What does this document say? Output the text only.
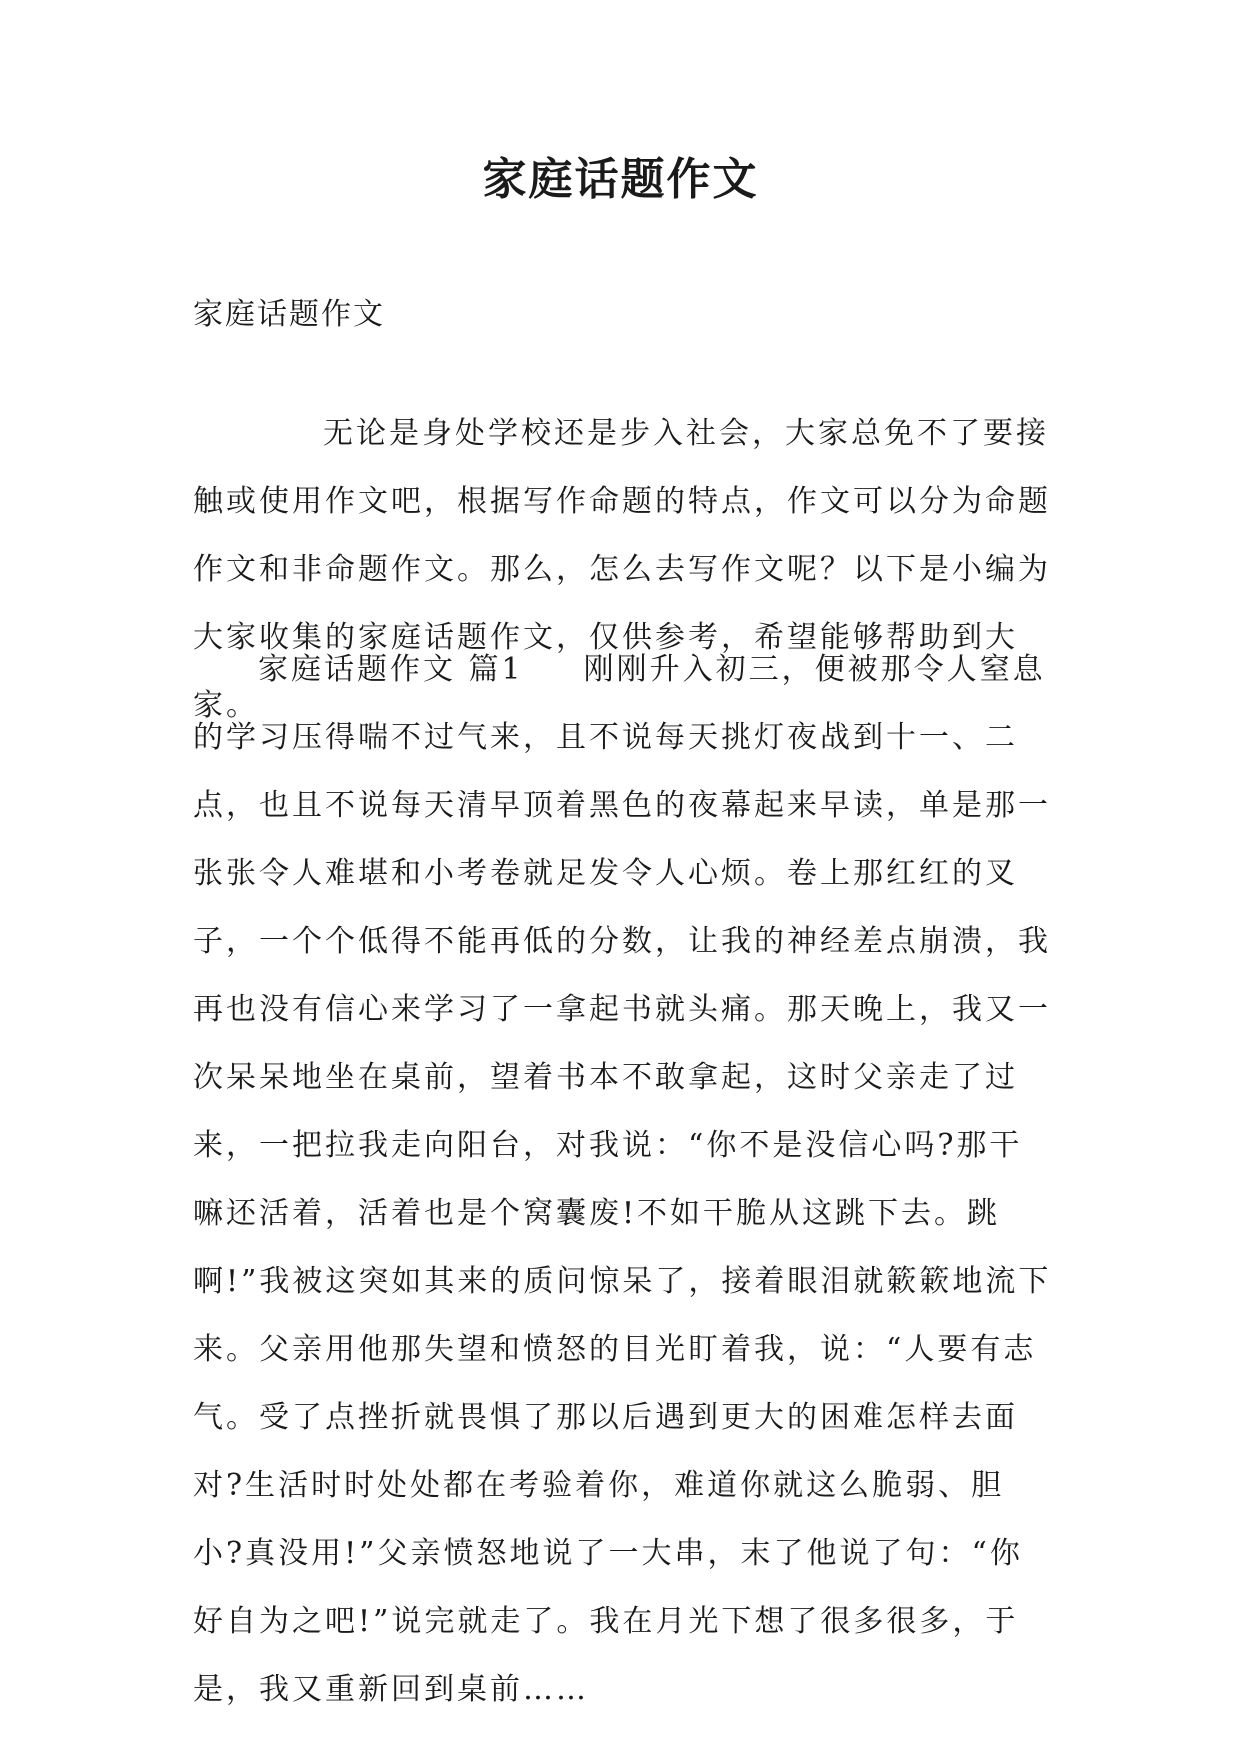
家庭话题作文
家庭话题作文

无论是身处学校还是步入社会，大家总免不了要接触或使用作文吧，根据写作命题的特点，作文可以分为命题作文和非命题作文。那么，怎么去写作文呢？以下是小编为大家收集的家庭话题作文，仅供参考，希望能够帮助到大家。

家庭话题作文 篇1 刚刚升入初三，便被那令人窒息的学习压得喘不过气来，且不说每天挑灯夜战到十一、二点，也且不说每天清早顶着黑色的夜幕起来早读，单是那一张张令人难堪和小考卷就足发令人心烦。卷上那红红的叉子，一个个低得不能再低的分数，让我的神经差点崩溃，我再也没有信心来学习了一拿起书就头痛。那天晚上，我又一次呆呆地坐在桌前，望着书本不敢拿起，这时父亲走了过来，一把拉我走向阳台，对我说：“你不是没信心吗?那干嘛还活着，活着也是个窝囊废!不如干脆从这跳下去。跳啊!”我被这突如其来的质问惊呆了，接着眼泪就簌簌地流下来。父亲用他那失望和愤怒的目光盯着我，说：“人要有志气。受了点挫折就畏惧了那以后遇到更大的困难怎样去面对?生活时时处处都在考验着你，难道你就这么脆弱、胆小?真没用!”父亲愤怒地说了一大串，末了他说了句：“你好自为之吧!”说完就走了。我在月光下想了很多很多，于是，我又重新回到桌前……
